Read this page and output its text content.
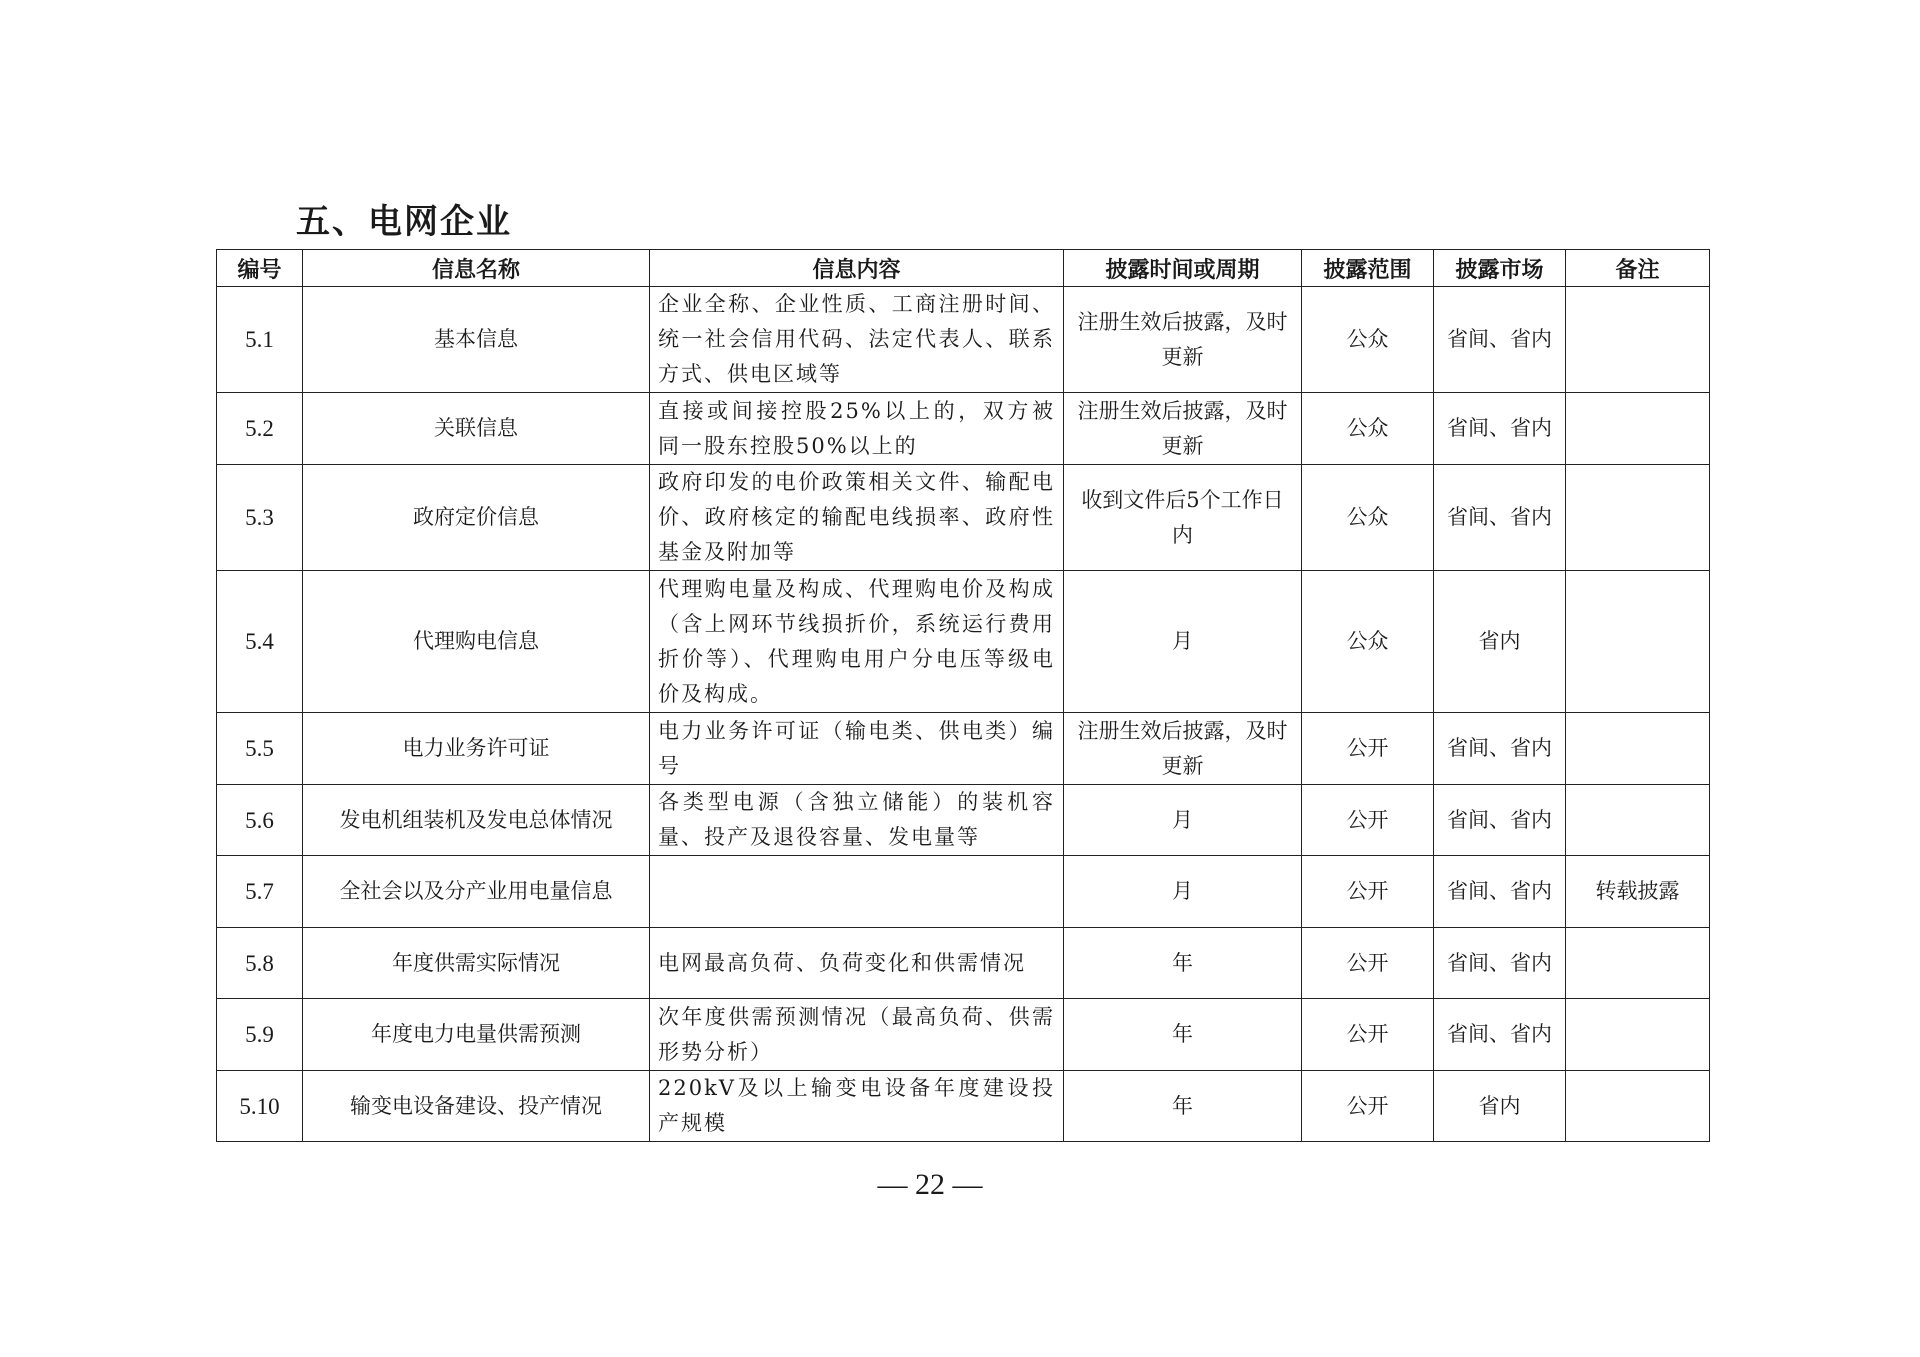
五、电网企业
编号	信息名称	信息内容	披露时间或周期	披露范围	披露市场	备注
5.1	基本信息	企业全称、企业性质、工商注册时间、统一社会信用代码、法定代表人、联系方式、供电区域等	注册生效后披露，及时更新	公众	省间、省内	
5.2	关联信息	直接或间接控股25%以上的，双方被同一股东控股50%以上的	注册生效后披露，及时更新	公众	省间、省内	
5.3	政府定价信息	政府印发的电价政策相关文件、输配电价、政府核定的输配电线损率、政府性基金及附加等	收到文件后5个工作日内	公众	省间、省内	
5.4	代理购电信息	代理购电量及构成、代理购电价及构成（含上网环节线损折价，系统运行费用折价等）、代理购电用户分电压等级电价及构成。	月	公众	省内	
5.5	电力业务许可证	电力业务许可证（输电类、供电类）编号	注册生效后披露，及时更新	公开	省间、省内	
5.6	发电机组装机及发电总体情况	各类型电源（含独立储能）的装机容量、投产及退役容量、发电量等	月	公开	省间、省内	
5.7	全社会以及分产业用电量信息		月	公开	省间、省内	转载披露
5.8	年度供需实际情况	电网最高负荷、负荷变化和供需情况	年	公开	省间、省内	
5.9	年度电力电量供需预测	次年度供需预测情况（最高负荷、供需形势分析）	年	公开	省间、省内	
5.10	输变电设备建设、投产情况	220kV及以上输变电设备年度建设投产规模	年	公开	省内	
— 22 —
